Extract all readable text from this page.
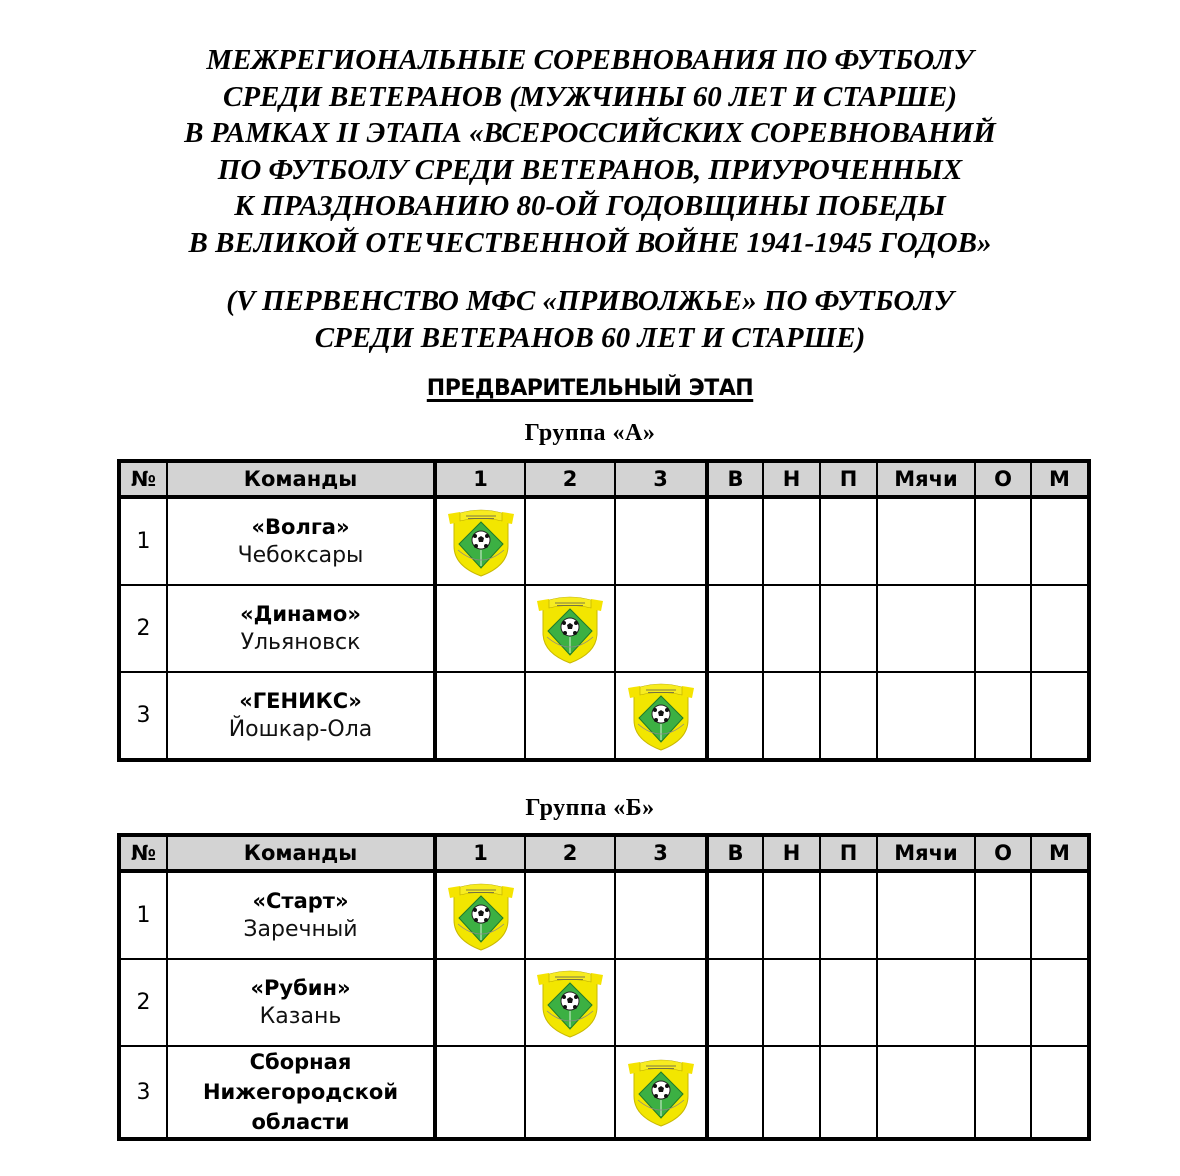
МЕЖРЕГИОНАЛЬНЫЕ СОРЕВНОВАНИЯ ПО ФУТБОЛУ
СРЕДИ ВЕТЕРАНОВ (МУЖЧИНЫ 60 ЛЕТ И СТАРШЕ)
В РАМКАХ II ЭТАПА «ВСЕРОССИЙСКИХ СОРЕВНОВАНИЙ
ПО ФУТБОЛУ СРЕДИ ВЕТЕРАНОВ, ПРИУРОЧЕННЫХ
К ПРАЗДНОВАНИЮ 80-ОЙ ГОДОВЩИНЫ ПОБЕДЫ
В ВЕЛИКОЙ ОТЕЧЕСТВЕННОЙ ВОЙНЕ 1941-1945 ГОДОВ»
(V ПЕРВЕНСТВО МФС «ПРИВОЛЖЬЕ» ПО ФУТБОЛУ
СРЕДИ ВЕТЕРАНОВ 60 ЛЕТ И СТАРШЕ)
ПРЕДВАРИТЕЛЬНЫЙ ЭТАП
Группа «А»
Группа «Б»
№	Команды	1	2	3	В	Н	П	Мячи	О	М
1	«Волга»
Чебоксары

2	«Динамо»
Ульяновск

3	«ГЕНИКС»
Йошкар-Ола

№	Команды	1	2	3	В	Н	П	Мячи	О	М
1	«Старт»
Заречный

2	«Рубин»
Казань

3	Сборная
Нижегородской
области
